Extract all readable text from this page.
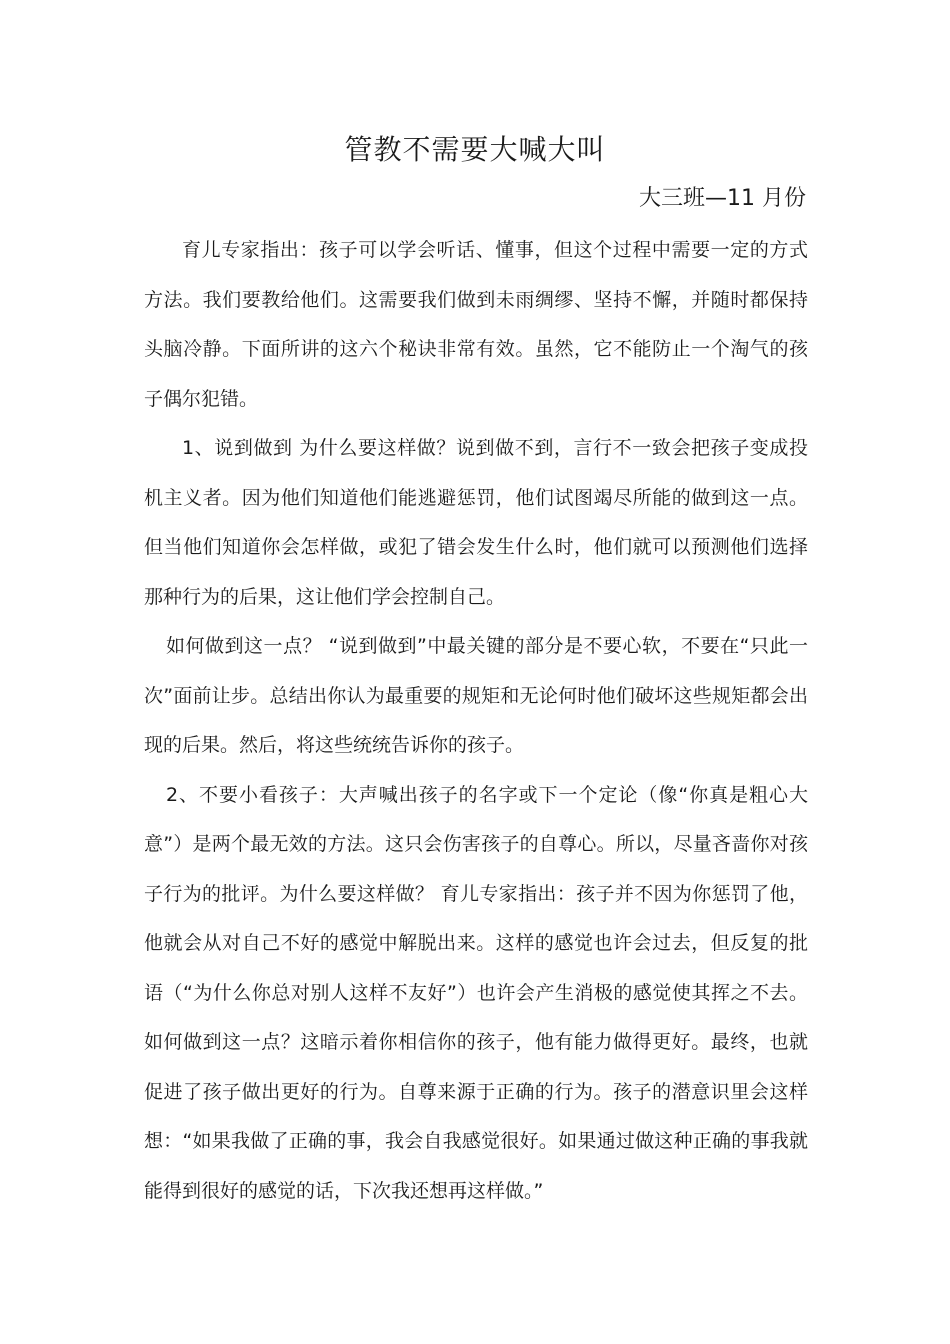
管教不需要大喊大叫
大三班—11 月份

育儿专家指出：孩子可以学会听话、懂事，但这个过程中需要一定的方式方法。我们要教给他们。这需要我们做到未雨绸缪、坚持不懈，并随时都保持头脑冷静。下面所讲的这六个秘诀非常有效。虽然，它不能防止一个淘气的孩子偶尔犯错。

1、说到做到 为什么要这样做？说到做不到，言行不一致会把孩子变成投机主义者。因为他们知道他们能逃避惩罚，他们试图竭尽所能的做到这一点。但当他们知道你会怎样做，或犯了错会发生什么时，他们就可以预测他们选择那种行为的后果，这让他们学会控制自己。

如何做到这一点？ “说到做到”中最关键的部分是不要心软，不要在“只此一次”面前让步。总结出你认为最重要的规矩和无论何时他们破坏这些规矩都会出现的后果。然后，将这些统统告诉你的孩子。

2、不要小看孩子：大声喊出孩子的名字或下一个定论（像“你真是粗心大意”）是两个最无效的方法。这只会伤害孩子的自尊心。所以，尽量吝啬你对孩子行为的批评。为什么要这样做？ 育儿专家指出：孩子并不因为你惩罚了他，他就会从对自己不好的感觉中解脱出来。这样的感觉也许会过去，但反复的批语（“为什么你总对别人这样不友好”）也许会产生消极的感觉使其挥之不去。如何做到这一点？这暗示着你相信你的孩子，他有能力做得更好。最终，也就促进了孩子做出更好的行为。自尊来源于正确的行为。孩子的潜意识里会这样想：“如果我做了正确的事，我会自我感觉很好。如果通过做这种正确的事我就能得到很好的感觉的话，下次我还想再这样做。”
